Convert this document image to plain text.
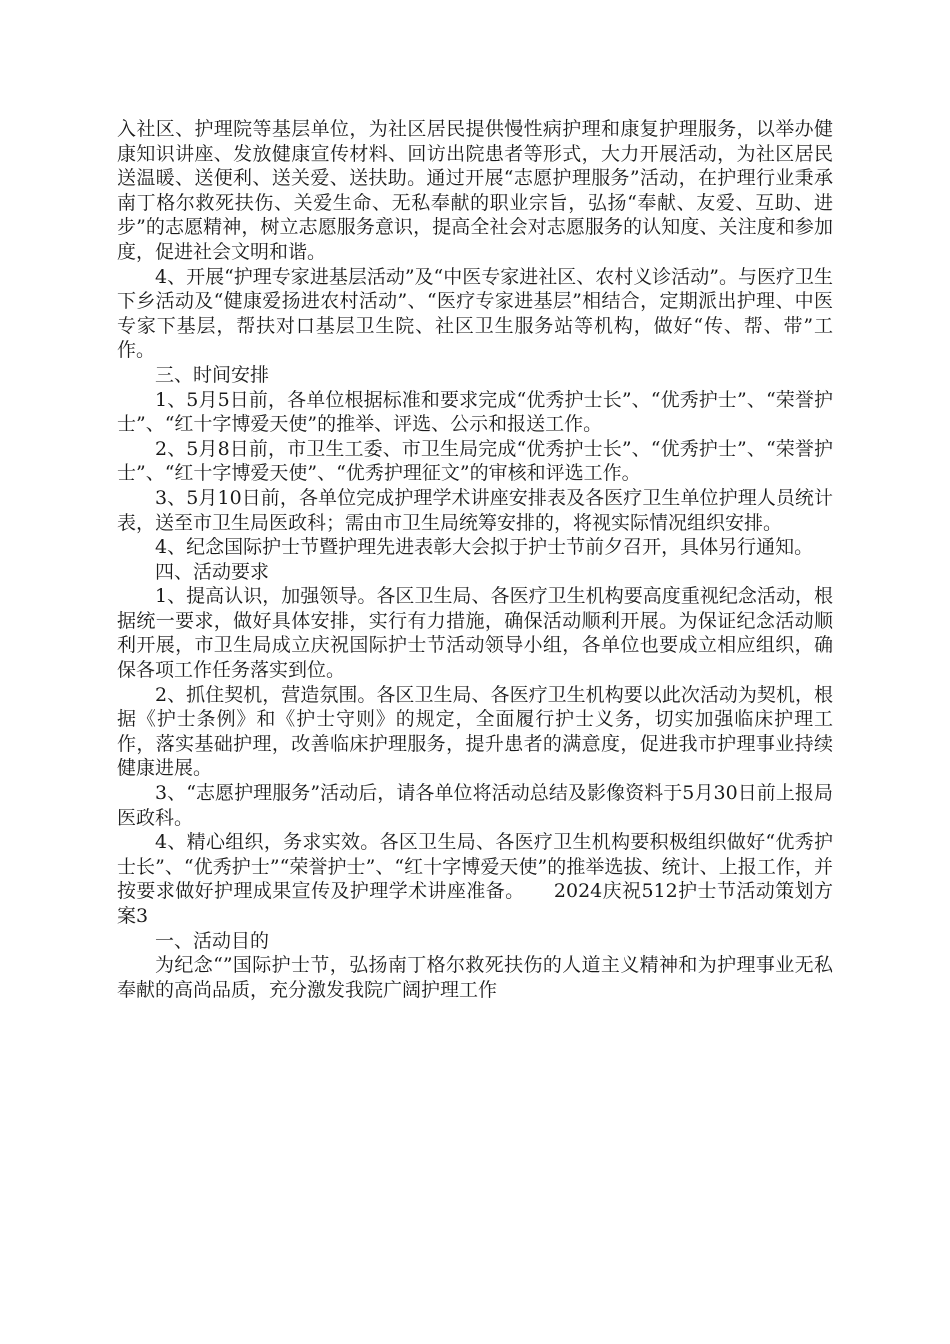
入社区、护理院等基层单位，为社区居民提供慢性病护理和康复护理服务，以举办健康知识讲座、发放健康宣传材料、回访出院患者等形式，大力开展活动，为社区居民送温暖、送便利、送关爱、送扶助。通过开展“志愿护理服务”活动，在护理行业秉承南丁格尔救死扶伤、关爱生命、无私奉献的职业宗旨，弘扬“奉献、友爱、互助、进步”的志愿精神，树立志愿服务意识，提高全社会对志愿服务的认知度、关注度和参加度，促进社会文明和谐。

4、开展“护理专家进基层活动”及“中医专家进社区、农村义诊活动”。与医疗卫生下乡活动及“健康爱扬进农村活动”、“医疗专家进基层”相结合，定期派出护理、中医专家下基层，帮扶对口基层卫生院、社区卫生服务站等机构，做好“传、帮、带”工作。

三、时间安排

1、5月5日前，各单位根据标准和要求完成“优秀护士长”、“优秀护士”、“荣誉护士”、“红十字博爱天使”的推举、评选、公示和报送工作。

2、5月8日前，市卫生工委、市卫生局完成“优秀护士长”、“优秀护士”、“荣誉护士”、“红十字博爱天使”、“优秀护理征文”的审核和评选工作。

3、5月10日前，各单位完成护理学术讲座安排表及各医疗卫生单位护理人员统计表，送至市卫生局医政科；需由市卫生局统筹安排的，将视实际情况组织安排。

4、纪念国际护士节暨护理先进表彰大会拟于护士节前夕召开，具体另行通知。

四、活动要求

1、提高认识，加强领导。各区卫生局、各医疗卫生机构要高度重视纪念活动，根据统一要求，做好具体安排，实行有力措施，确保活动顺利开展。为保证纪念活动顺利开展，市卫生局成立庆祝国际护士节活动领导小组，各单位也要成立相应组织，确保各项工作任务落实到位。

2、抓住契机，营造氛围。各区卫生局、各医疗卫生机构要以此次活动为契机，根据《护士条例》和《护士守则》的规定，全面履行护士义务，切实加强临床护理工作，落实基础护理，改善临床护理服务，提升患者的满意度，促进我市护理事业持续健康进展。

3、“志愿护理服务”活动后，请各单位将活动总结及影像资料于5月30日前上报局医政科。

4、精心组织，务求实效。各区卫生局、各医疗卫生机构要积极组织做好“优秀护士长”、“优秀护士”“荣誉护士”、“红十字博爱天使”的推举选拔、统计、上报工作，并按要求做好护理成果宣传及护理学术讲座准备。　　2024庆祝512护士节活动策划方案3

一、活动目的

为纪念“”国际护士节，弘扬南丁格尔救死扶伤的人道主义精神和为护理事业无私奉献的高尚品质，充分激发我院广阔护理工作
